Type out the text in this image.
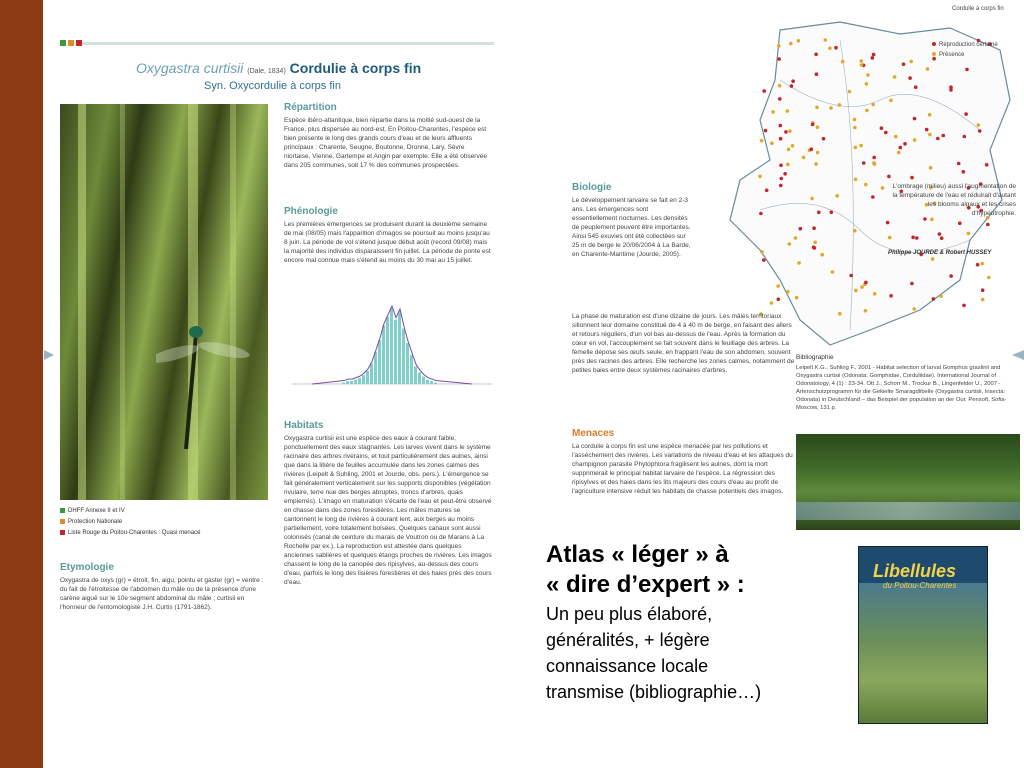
Oxygastra curtisii (Dale, 1834) Cordulie à corps fin
Syn. Oxycordulie à corps fin
DHFF Annexe II et IV
Protection Nationale
Liste Rouge du Poitou-Charentes : Quasi menacé
Etymologie
Oxygastra de oxys (gr) = étroit, fin, aigu, pointu et gaster (gr) = ventre : du fait de l'étroitesse de l'abdomen du mâle ou de la présence d'une carène aiguë sur le 10e segment abdominal du mâle ; curtisii en l'honneur de l'entomologiste J.H. Curtis (1791-1862).
Répartition
Espèce ibéro-atlantique, bien répartie dans la moitié sud-ouest de la France, plus dispersée au nord-est. En Poitou-Charentes, l'espèce est bien présente le long des grands cours d'eau et de leurs affluents principaux : Charente, Seugne, Boutonne, Dronne, Lary, Sèvre niortaise, Vienne, Gartempe et Angin par exemple. Elle a été observée dans 205 communes, soit 17 % des communes prospectées.
Phénologie
Les premières émergences se produisent durant la deuxième semaine de mai (08/05) mais l'apparition d'imagos se poursuit au moins jusqu'au 8 juin. La période de vol s'étend jusque début août (record 09/08) mais la majorité des individus disparaissent fin juillet. La période de ponte est encore mal connue mais s'étend au moins du 30 mai au 15 juillet.
Habitats
Oxygastra curtisii est une espèce des eaux à courant faible, ponctuellement des eaux stagnantes. Les larves vivent dans le système racinaire des arbres riverains, et tout particulièrement des aulnes, ainsi que dans la litière de feuilles accumulée dans les zones calmes des rivières (Leipelt & Suhling, 2001 et Jourde, obs. pers.). L'émergence se fait généralement verticalement sur les supports disponibles (végétation rivulaire, terre nue des berges abruptes, troncs d'arbres, quais empierrés). L'imago en maturation s'écarte de l'eau et peut-être observé en chasse dans des zones forestières. Les mâles matures se cantonnent le long de rivières à courant lent, aux berges au moins partiellement, voire totalement boisées. Quelques canaux sont aussi colonisés (canal de ceinture du marais de Voutron ou de Marans à La Rochelle par ex.). La reproduction est attestée dans quelques anciennes sablières et quelques étangs proches de rivières. Les imagos chassent le long de la canopée des ripisylves, au-dessus des cours d'eau, parfois le long des lisières forestières et des haies près des cours d'eau.
Cordulie à corps fin
Reproduction certaine
Présence
Biologie
Le développement larvaire se fait en 2-3 ans. Les émergences sont essentiellement nocturnes. Les densités de peuplement peuvent être importantes. Ainsi 545 exuvies ont été collectées sur 25 m de berge le 20/06/2004 à La Barde, en Charente-Maritime (Jourde, 2005).
La phase de maturation est d'une dizaine de jours. Les mâles territoriaux sillonnent leur domaine constitué de 4 à 40 m de berge, en faisant des allers et retours réguliers, d'un vol bas au-dessus de l'eau. Après la formation du cœur en vol, l'accouplement se fait souvent dans le feuillage des arbres. La femelle dépose ses œufs seule, en frappant l'eau de son abdomen, souvent près des racines des arbres. Elle recherche les zones calmes, notamment de petites baies entre deux systèmes racinaires d'arbres.
L'ombrage (milieu) aussi l'augmentation de la température de l'eau et réduirait d'autant les blooms algaux et les crises d'hypeutrophie.
Philippe JOURDE & Robert HUSSEY
Bibliographie
Leipelt K.G., Suhling F., 2001 - Habitat selection of larval Gomphus graslinii and Oxygastra curtisii (Odonata: Gomphidae, Corduliidae). International Journal of Odonatology, 4 (1) : 23-34. Ott J., Schorr M., Trockur B., Lingenfelder U., 2007 - Artenschutzprogramm für die Gekielte Smaragdlibelle (Oxygastra curtisii, Insecta: Odonata) in Deutschland – das Beispiel der population an der Our. Pensoft, Sofia-Moscow, 131 p.
Menaces
La cordulie à corps fin est une espèce menacée par les pollutions et l'assèchement des rivières. Les variations de niveau d'eau et les attaques du champignon parasite Phytophtora fragilisent les aulnes, dont la mort supprimerait le principal habitat larvaire de l'espèce. La régression des ripisylves et des haies dans les lits majeurs des cours d'eau au profit de l'agriculture intensive réduit les habitats de chasse potentiels des imagos.
Atlas « léger » à
« dire d’expert » :
Un peu plus élaboré,
généralités, + légère
connaissance locale
transmise (bibliographie…)
Libellules
du Poitou-Charentes
